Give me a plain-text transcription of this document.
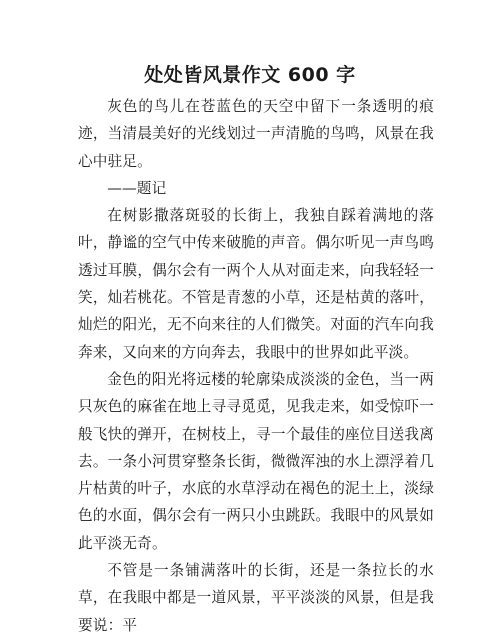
处处皆风景作文 600 字

灰色的鸟儿在苍蓝色的天空中留下一条透明的痕迹，当清晨美好的光线划过一声清脆的鸟鸣，风景在我心中驻足。

——题记

在树影撒落斑驳的长街上，我独自踩着满地的落叶，静谧的空气中传来破脆的声音。偶尔听见一声鸟鸣透过耳膜，偶尔会有一两个人从对面走来，向我轻轻一笑，灿若桃花。不管是青葱的小草，还是枯黄的落叶，灿烂的阳光，无不向来往的人们微笑。对面的汽车向我奔来，又向来的方向奔去，我眼中的世界如此平淡。

金色的阳光将远楼的轮廓染成淡淡的金色，当一两只灰色的麻雀在地上寻寻觅觅，见我走来，如受惊吓一般飞快的弹开，在树枝上，寻一个最佳的座位目送我离去。一条小河贯穿整条长街，微微浑浊的水上漂浮着几片枯黄的叶子，水底的水草浮动在褐色的泥土上，淡绿色的水面，偶尔会有一两只小虫跳跃。我眼中的风景如此平淡无奇。

不管是一条铺满落叶的长街，还是一条拉长的水草，在我眼中都是一道风景，平平淡淡的风景，但是我要说：平
